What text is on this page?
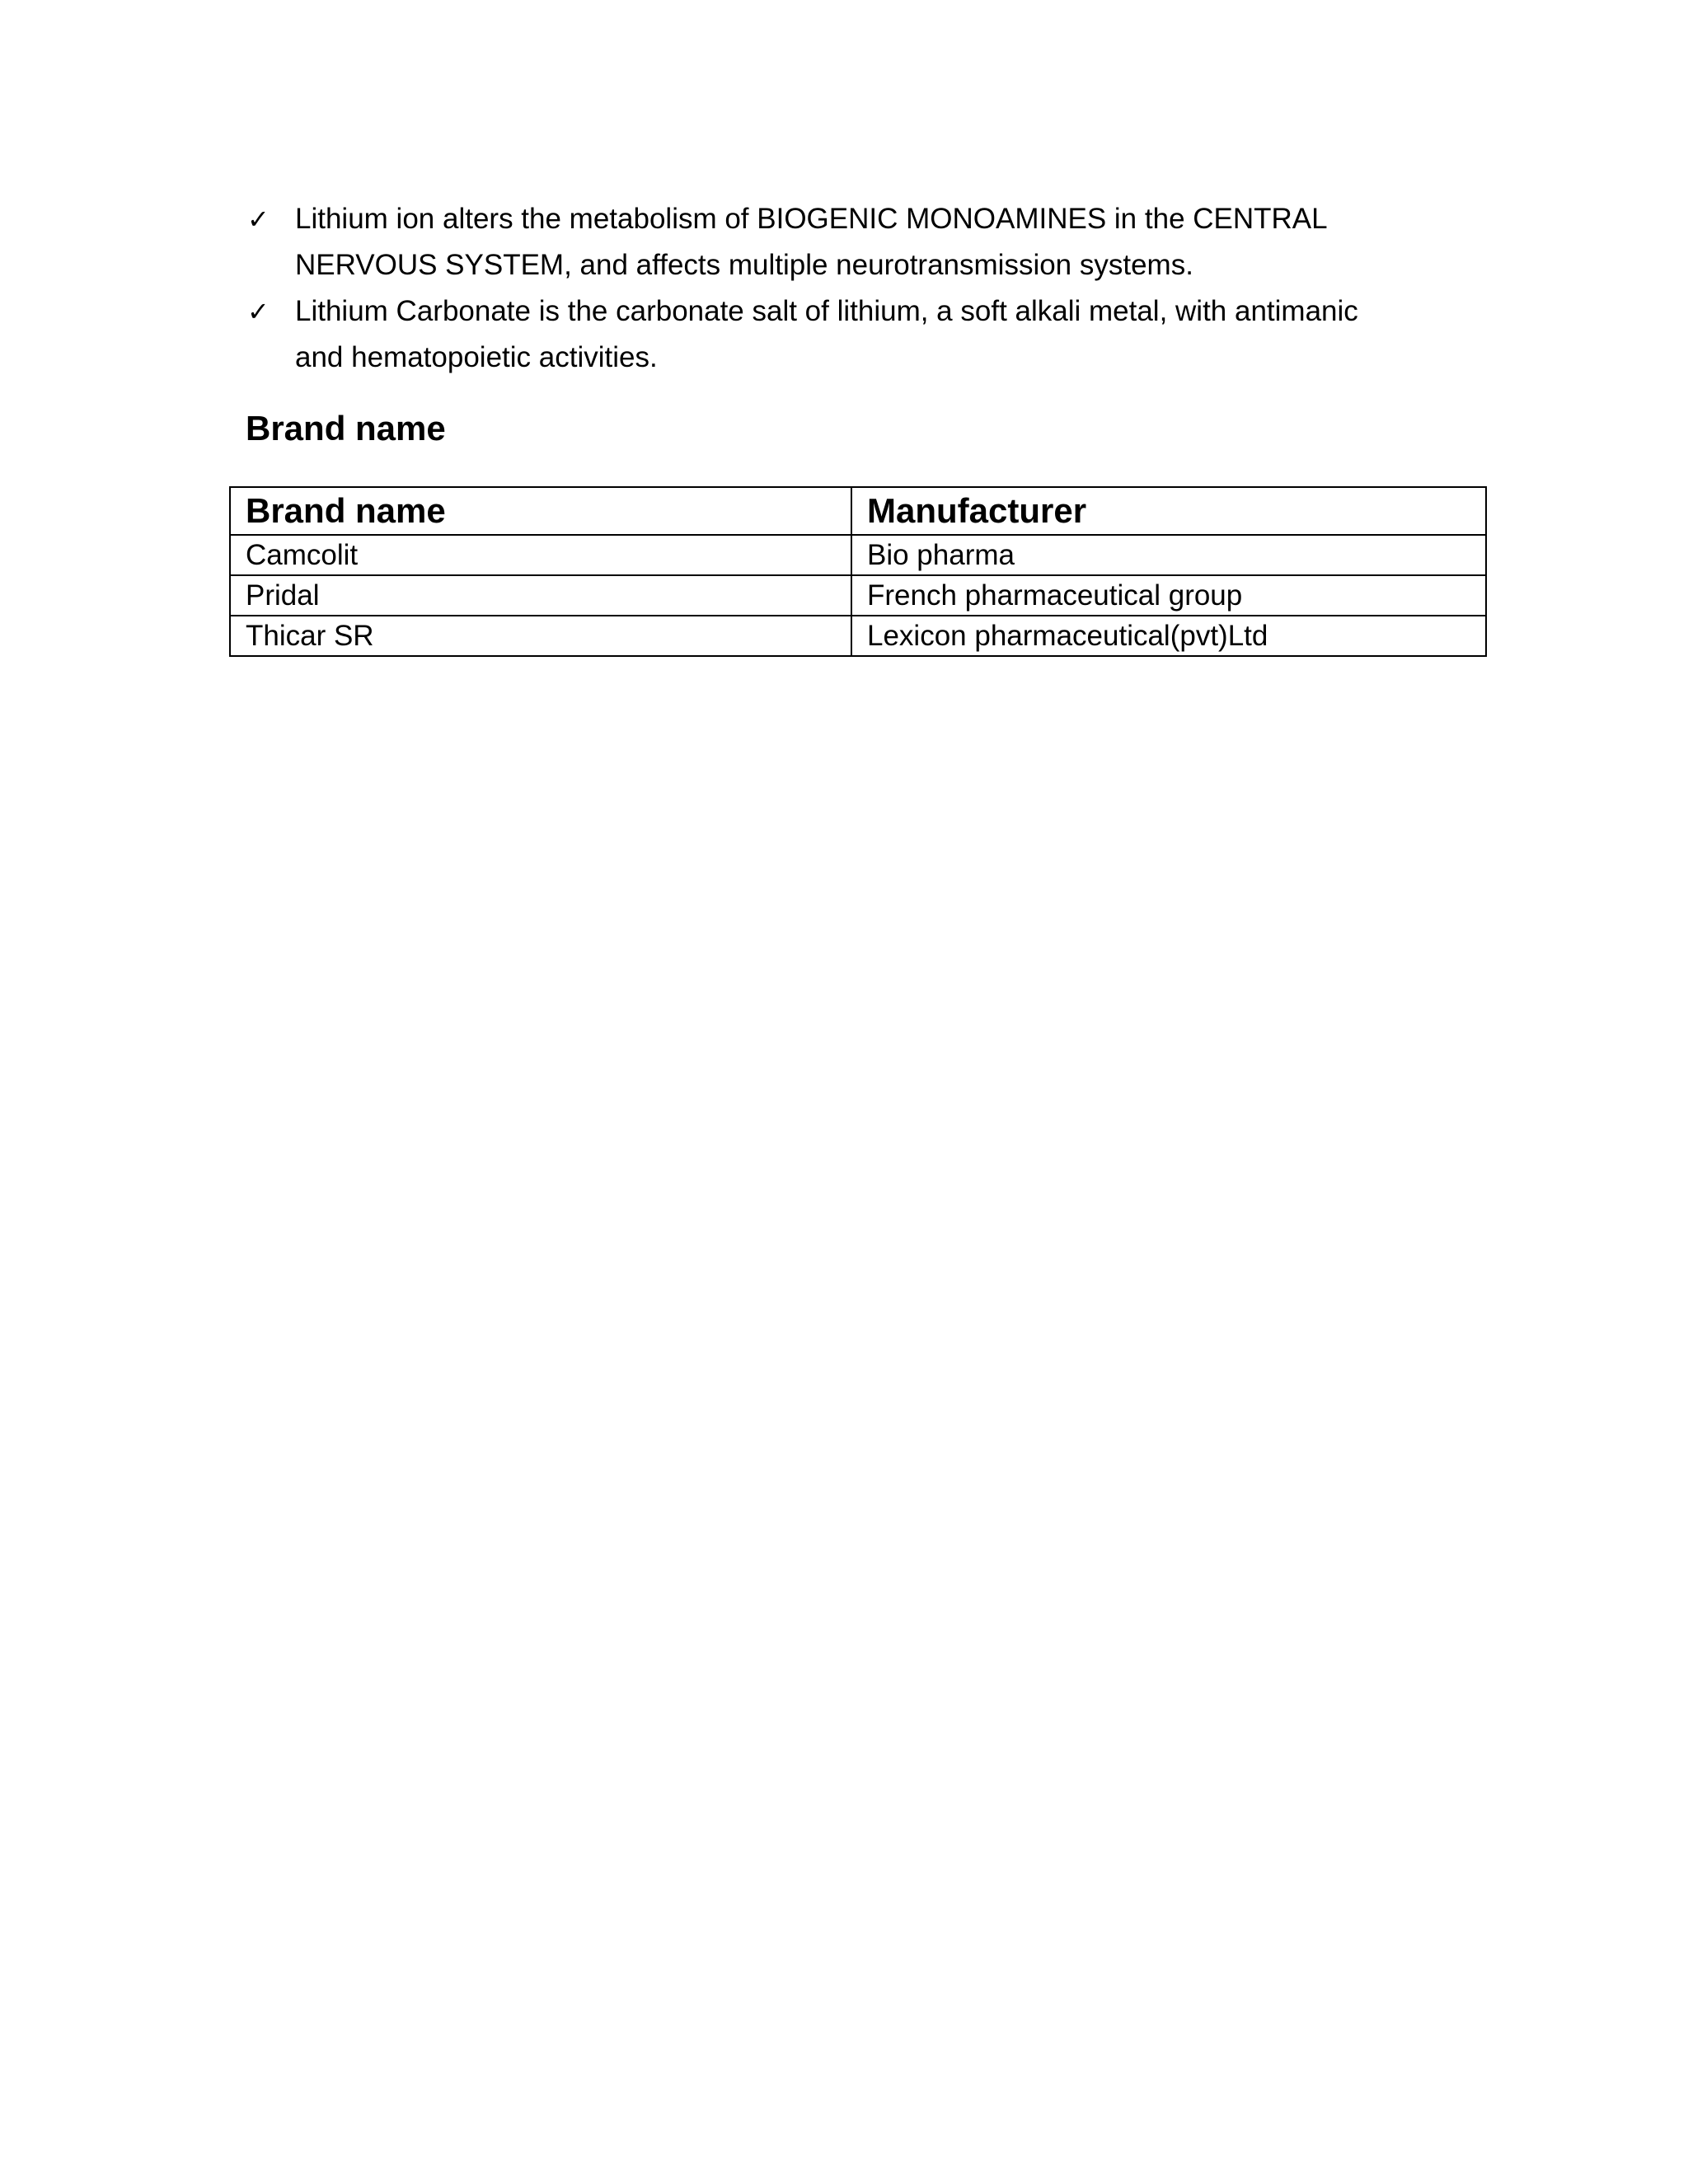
✓ Lithium ion alters the metabolism of BIOGENIC MONOAMINES in the CENTRAL
NERVOUS SYSTEM, and affects multiple neurotransmission systems.
✓ Lithium Carbonate is the carbonate salt of lithium, a soft alkali metal, with antimanic
and hematopoietic activities.
Brand name
Brand name	Manufacturer
Camcolit	Bio pharma
Pridal	French pharmaceutical group
Thicar SR	Lexicon pharmaceutical(pvt)Ltd
